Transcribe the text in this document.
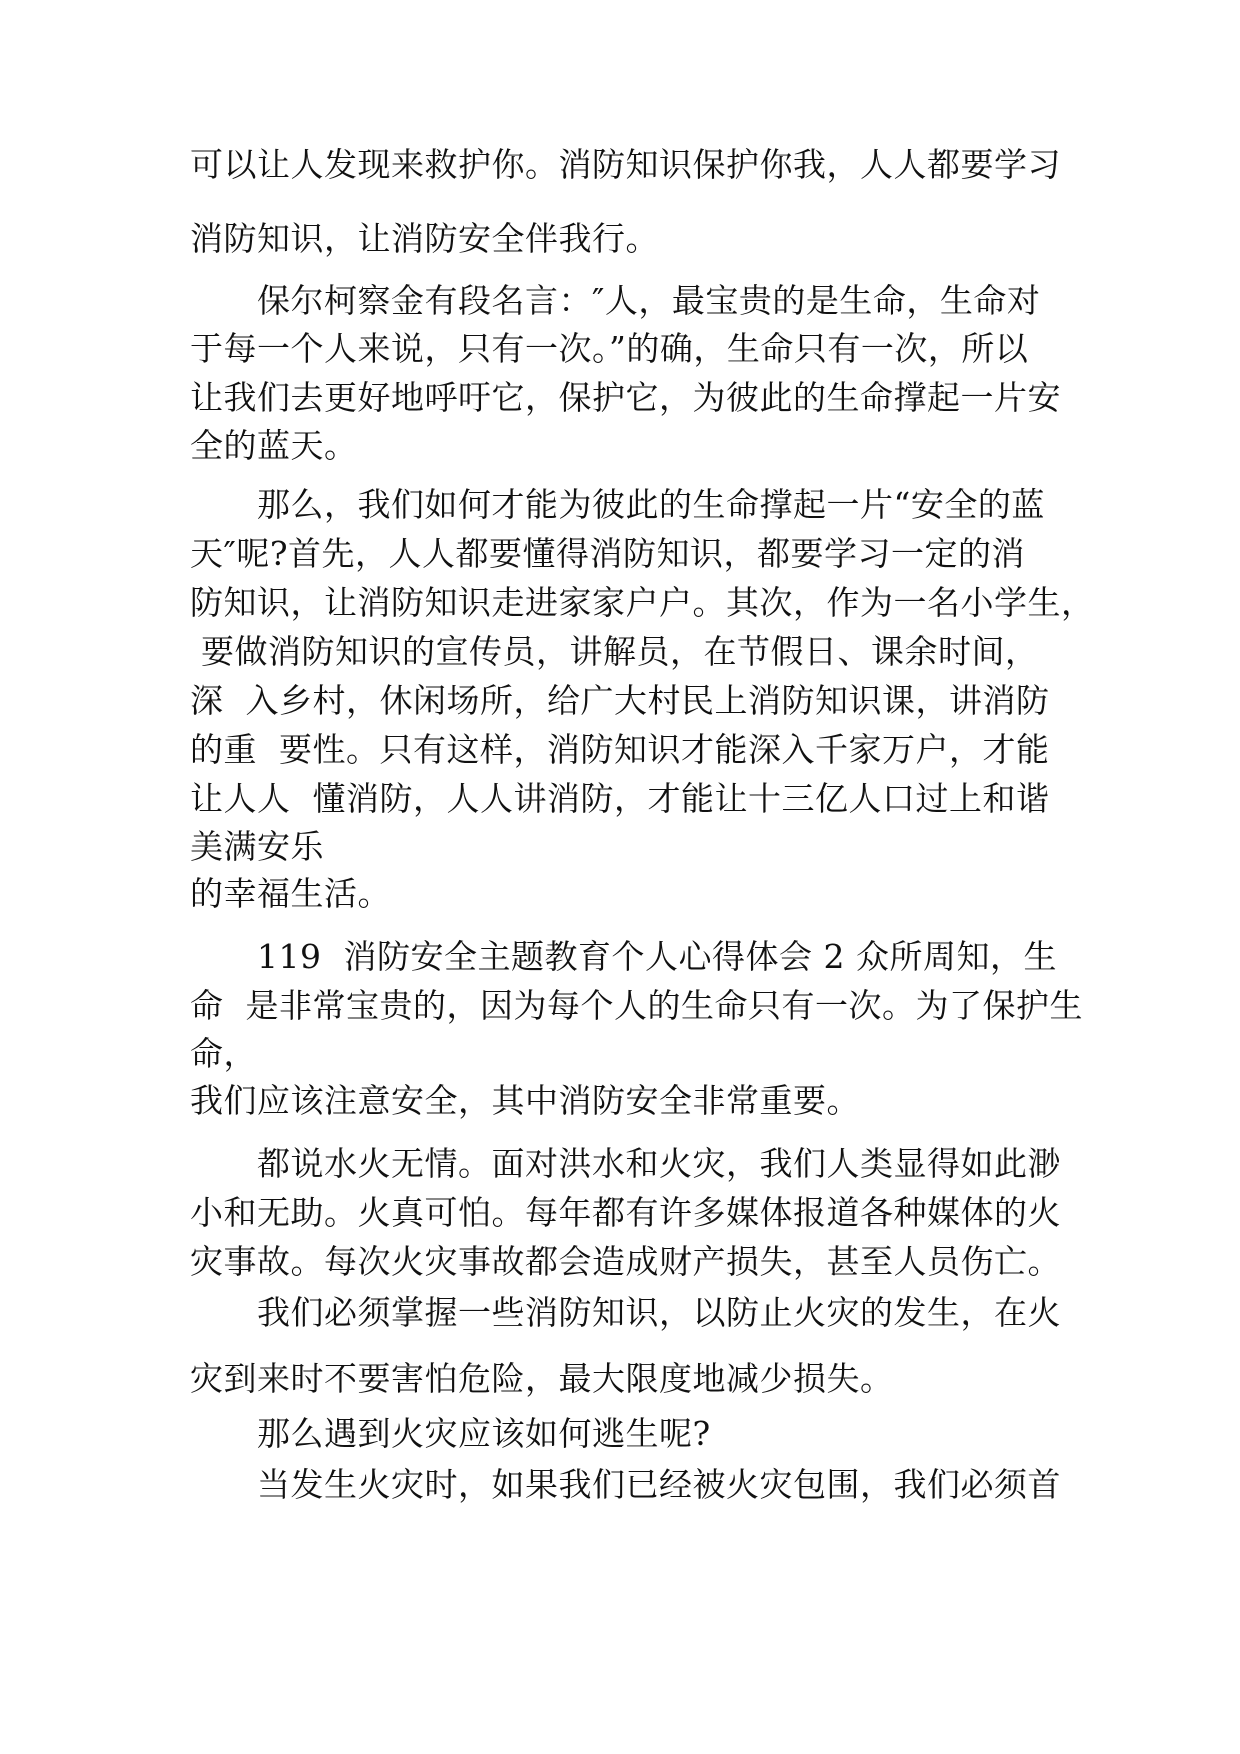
可以让人发现来救护你。消防知识保护你我，人人都要学习
消防知识，让消防安全伴我行。
保尔柯察金有段名言：″人，最宝贵的是生命，生命对
于每一个人来说，只有一次。”的确，生命只有一次，所以
让我们去更好地呼吁它，保护它，为彼此的生命撑起一片安
全的蓝天。
那么，我们如何才能为彼此的生命撑起一片“安全的蓝
天″呢?首先，人人都要懂得消防知识，都要学习一定的消
防知识，让消防知识走进家家户户。其次，作为一名小学生，
要做消防知识的宣传员，讲解员，在节假日、课余时间，
深  入乡村，休闲场所，给广大村民上消防知识课，讲消防
的重  要性。只有这样，消防知识才能深入千家万户，才能
让人人  懂消防，人人讲消防，才能让十三亿人口过上和谐
美满安乐
的幸福生活。
119  消防安全主题教育个人心得体会 2 众所周知，生
命  是非常宝贵的，因为每个人的生命只有一次。为了保护生
命，
我们应该注意安全，其中消防安全非常重要。
都说水火无情。面对洪水和火灾，我们人类显得如此渺
小和无助。火真可怕。每年都有许多媒体报道各种媒体的火
灾事故。每次火灾事故都会造成财产损失，甚至人员伤亡。
我们必须掌握一些消防知识，以防止火灾的发生，在火
灾到来时不要害怕危险，最大限度地减少损失。
那么遇到火灾应该如何逃生呢?
当发生火灾时，如果我们已经被火灾包围，我们必须首
